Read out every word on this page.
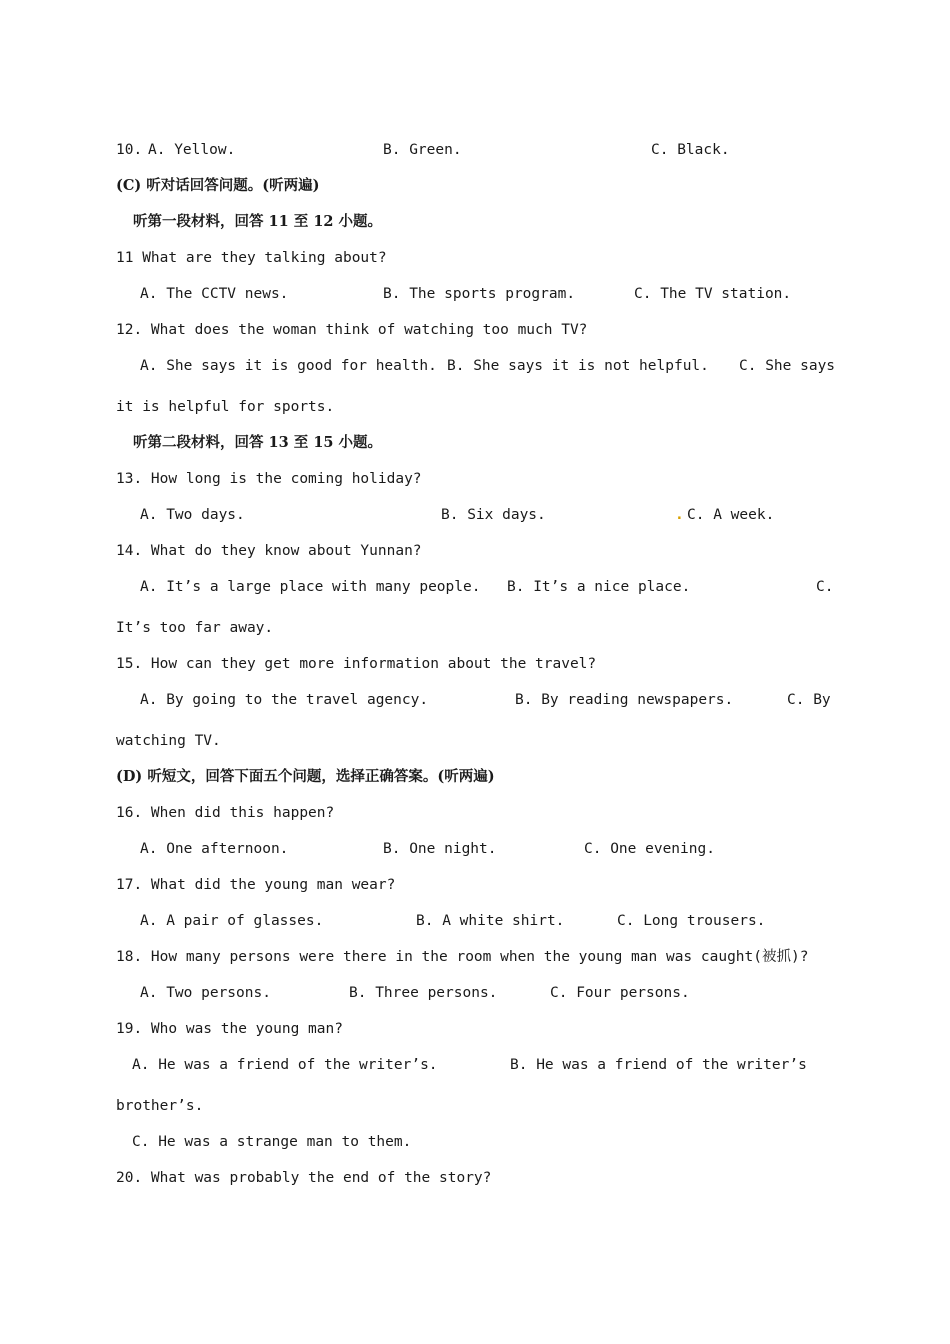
10.

A. Yellow.

	B. Green.

	C. Black.

(C) 听对话回答问题。(听两遍)
听第一段材料，回答 11 至 12 小题。
11 What are they talking about?

A. The CCTV news.

	B. The sports program.

	C. The TV station.

12. What does the woman think of watching too much TV?

A. She says it is good for health.

B. She says it is not helpful.

C. She says

it is helpful for sports.
听第二段材料，回答 13 至 15 小题。
13. How long is the coming holiday?

A. Two days.

	B. Six days.

	.

C. A week.

14. What do they know about Yunnan?

A. It’s a large place with many people.

B. It’s a nice place.

	C.

It’s too far away.
15. How can they get more information about the travel?

A. By going to the travel agency.

	B. By reading newspapers.

	C. By

watching TV.
(D) 听短文，回答下面五个问题，选择正确答案。(听两遍)
16. When did this happen?

A. One afternoon.

	B. One night.

	C. One evening.

17. What did the young man wear?

A. A pair of glasses.

	B. A white shirt.

	C. Long trousers.

18. How many persons were there in the room when the young man was caught(被抓)?

A. Two persons.

	B. Three persons.

	C. Four persons.

19. Who was the young man?

A. He was a friend of the writer’s.

	B. He was a friend of the writer’s

brother’s.
C. He was a strange man to them.
20. What was probably the end of the story?
